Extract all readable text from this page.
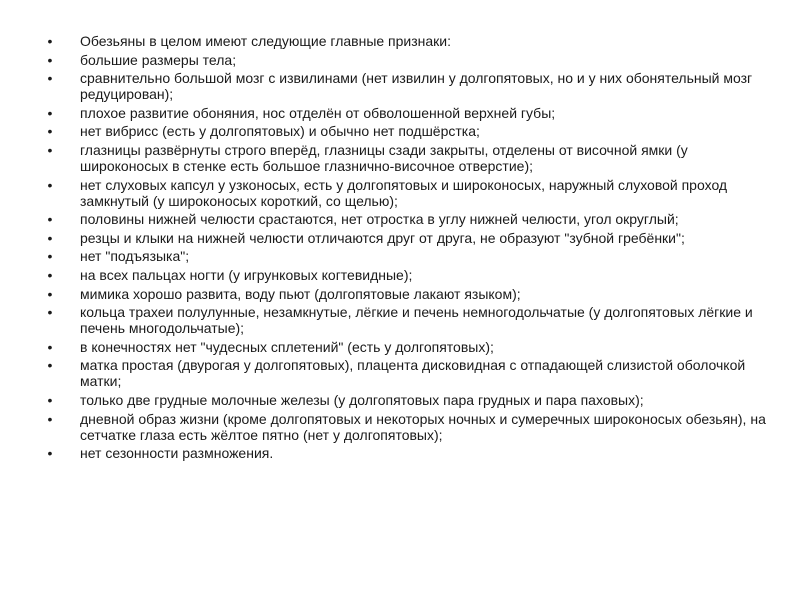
• Обезьяны в целом имеют следующие главные признаки:
• большие размеры тела;
• сравнительно большой мозг с извилинами (нет извилин у долгопятовых, но и у них обонятельный мозг редуцирован);
• плохое развитие обоняния, нос отделён от обволошенной верхней губы;
• нет вибрисс (есть у долгопятовых) и обычно нет подшёрстка;
• глазницы развёрнуты строго вперёд, глазницы сзади закрыты, отделены от височной ямки (у широконосых в стенке есть большое глазнично-височное отверстие);
• нет слуховых капсул у узконосых, есть у долгопятовых и широконосых, наружный слуховой проход замкнутый (у широконосых короткий, со щелью);
• половины нижней челюсти срастаются, нет отростка в углу нижней челюсти, угол округлый;
• резцы и клыки на нижней челюсти отличаются друг от друга, не образуют "зубной гребёнки";
• нет "подъязыка";
• на всех пальцах ногти (у игрунковых когтевидные);
• мимика хорошо развита, воду пьют (долгопятовые лакают языком);
• кольца трахеи полулунные, незамкнутые, лёгкие и печень немногодольчатые (у долгопятовых лёгкие и печень многодольчатые);
• в конечностях нет "чудесных сплетений" (есть у долгопятовых);
• матка простая (двурогая у долгопятовых), плацента дисковидная с отпадающей слизистой оболочкой матки;
• только две грудные молочные железы (у долгопятовых пара грудных и пара паховых);
• дневной образ жизни (кроме долгопятовых и некоторых ночных и сумеречных широконосых обезьян), на сетчатке глаза есть жёлтое пятно (нет у долгопятовых);
• нет сезонности размножения.
